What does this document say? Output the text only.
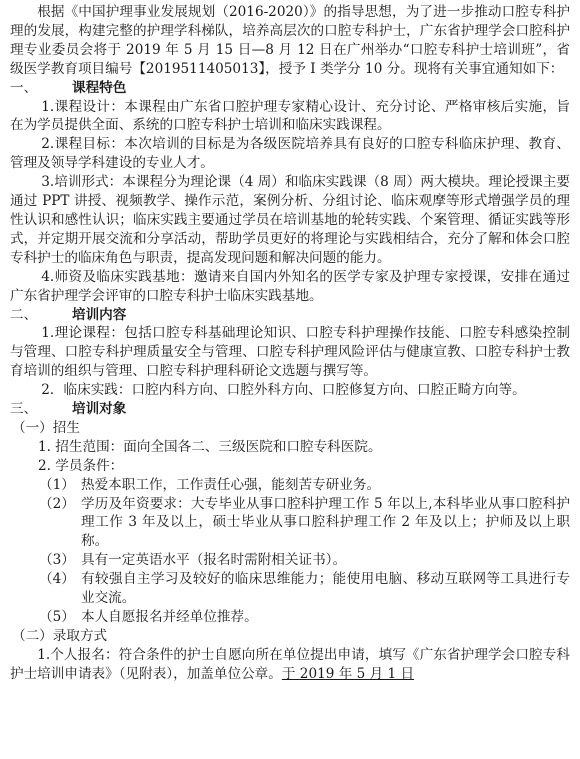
根据《中国护理事业发展规划（2016-2020）》的指导思想，为了进一步推动口腔专科护理的发展，构建完整的护理学科梯队，培养高层次的口腔专科护士，广东省护理学会口腔科护理专业委员会将于 2019 年 5 月 15 日—8 月 12 日在广州举办“口腔专科护士培训班”，省级医学教育项目编号【2019511405013】，授予 I 类学分 10 分。现将有关事宜通知如下：

一、	课程特色

1.课程设计：本课程由广东省口腔护理专家精心设计、充分讨论、严格审核后实施，旨在为学员提供全面、系统的口腔专科护士培训和临床实践课程。

2.课程目标：本次培训的目标是为各级医院培养具有良好的口腔专科临床护理、教育、管理及领导学科建设的专业人才。

3.培训形式：本课程分为理论课（4 周）和临床实践课（8 周）两大模块。理论授课主要通过 PPT 讲授、视频教学、操作示范，案例分析、分组讨论、临床观摩等形式增强学员的理性认识和感性认识；临床实践主要通过学员在培训基地的轮转实践、个案管理、循证实践等形式，并定期开展交流和分享活动，帮助学员更好的将理论与实践相结合，充分了解和体会口腔专科护士的临床角色与职责，提高发现问题和解决问题的能力。

4.师资及临床实践基地：邀请来自国内外知名的医学专家及护理专家授课，安排在通过广东省护理学会评审的口腔专科护士临床实践基地。

二、	培训内容

1.理论课程：包括口腔专科基础理论知识、口腔专科护理操作技能、口腔专科感染控制与管理、口腔专科护理质量安全与管理、口腔专科护理风险评估与健康宣教、口腔专科护士教育培训的组织与管理、口腔专科护理科研论文选题与撰写等。

2．临床实践：口腔内科方向、口腔外科方向、口腔修复方向、口腔正畸方向等。

三、	培训对象
（一）招生
1. 招生范围：面向全国各二、三级医院和口腔专科医院。
2. 学员条件：
（1） 热爱本职工作，工作责任心强，能刻苦专研业务。
（2） 学历及年资要求：大专毕业从事口腔科护理工作 5 年以上,本科毕业从事口腔科护理工作 3 年及以上，硕士毕业从事口腔科护理工作 2 年及以上；护师及以上职称。
（3） 具有一定英语水平（报名时需附相关证书）。
（4） 有较强自主学习及较好的临床思维能力；能使用电脑、移动互联网等工具进行专业交流。
（5） 本人自愿报名并经单位推荐。
（二）录取方式

1.个人报名：符合条件的护士自愿向所在单位提出申请，填写《广东省护理学会口腔专科护士培训申请表》（见附表），加盖单位公章。于 2019 年 5 月 1 日
